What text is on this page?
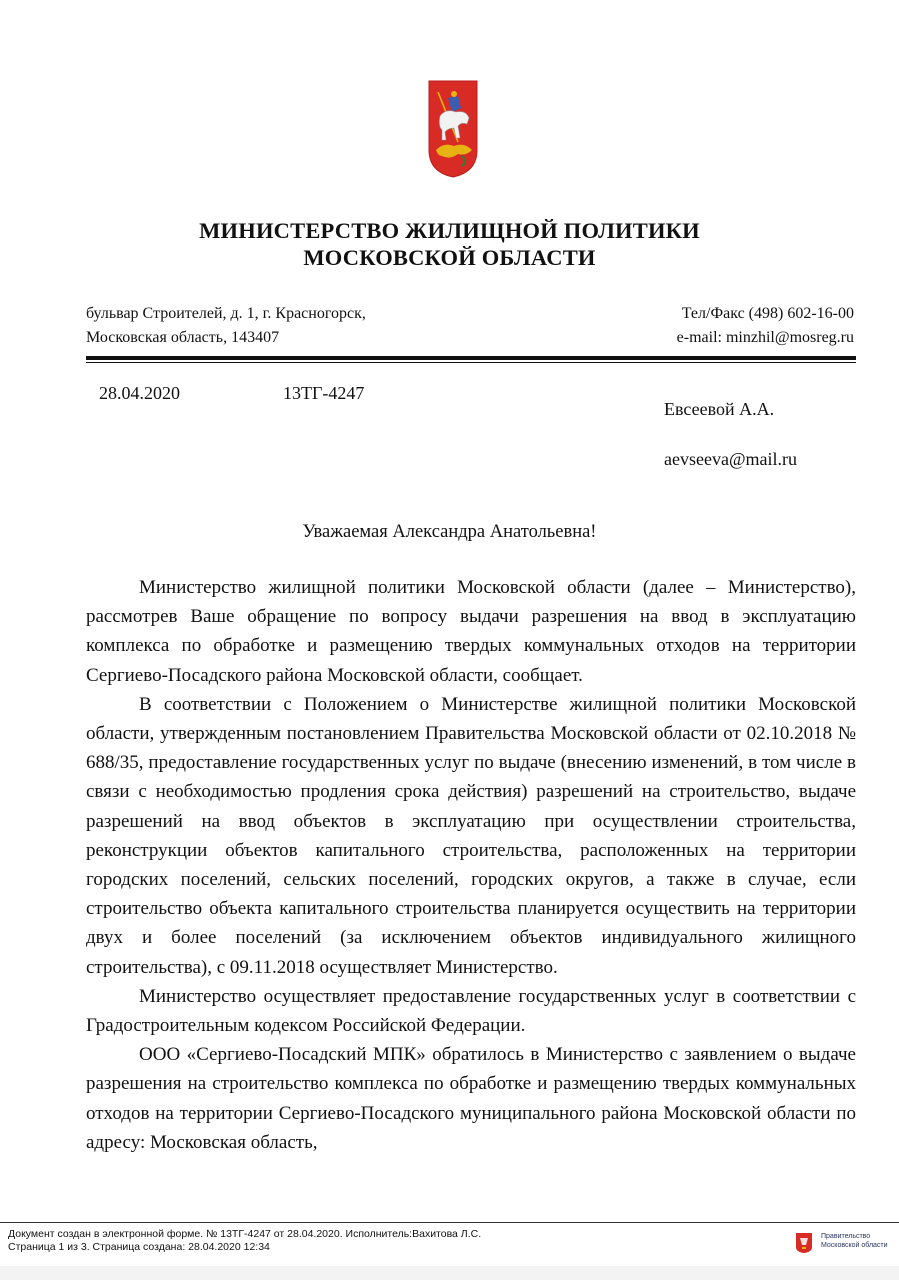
МИНИСТЕРСТВО ЖИЛИЩНОЙ ПОЛИТИКИ
МОСКОВСКОЙ ОБЛАСТИ
бульвар Строителей, д. 1, г. Красногорск,
Московская область, 143407
Тел/Факс (498) 602-16-00
e-mail: minzhil@mosreg.ru
28.04.2020	13ТГ-4247
Евсеевой А.А.
aevseeva@mail.ru
Уважаемая Александра Анатольевна!

Министерство жилищной политики Московской области (далее – Министерство), рассмотрев Ваше обращение по вопросу выдачи разрешения на ввод в эксплуатацию комплекса по обработке и размещению твердых коммунальных отходов на территории Сергиево-Посадского района Московской области, сообщает.

В соответствии с Положением о Министерстве жилищной политики Московской области, утвержденным постановлением Правительства Московской области от 02.10.2018 № 688/35, предоставление государственных услуг по выдаче (внесению изменений, в том числе в связи с необходимостью продления срока действия) разрешений на строительство, выдаче разрешений на ввод объектов в эксплуатацию при осуществлении строительства, реконструкции объектов капитального строительства, расположенных на территории городских поселений, сельских поселений, городских округов, а также в случае, если строительство объекта капитального строительства планируется осуществить на территории двух и более поселений (за исключением объектов индивидуального жилищного строительства), с 09.11.2018 осуществляет Министерство.

Министерство осуществляет предоставление государственных услуг в соответствии с Градостроительным кодексом Российской Федерации.

ООО «Сергиево-Посадский МПК» обратилось в Министерство с заявлением о выдаче разрешения на строительство комплекса по обработке и размещению твердых коммунальных отходов на территории Сергиево-Посадского муниципального района Московской области по адресу: Московская область,

Документ создан в электронной форме. № 13ТГ-4247 от 28.04.2020. Исполнитель:Вахитова Л.С.
Страница 1 из 3. Страница создана: 28.04.2020 12:34
Правительство
Московской области
